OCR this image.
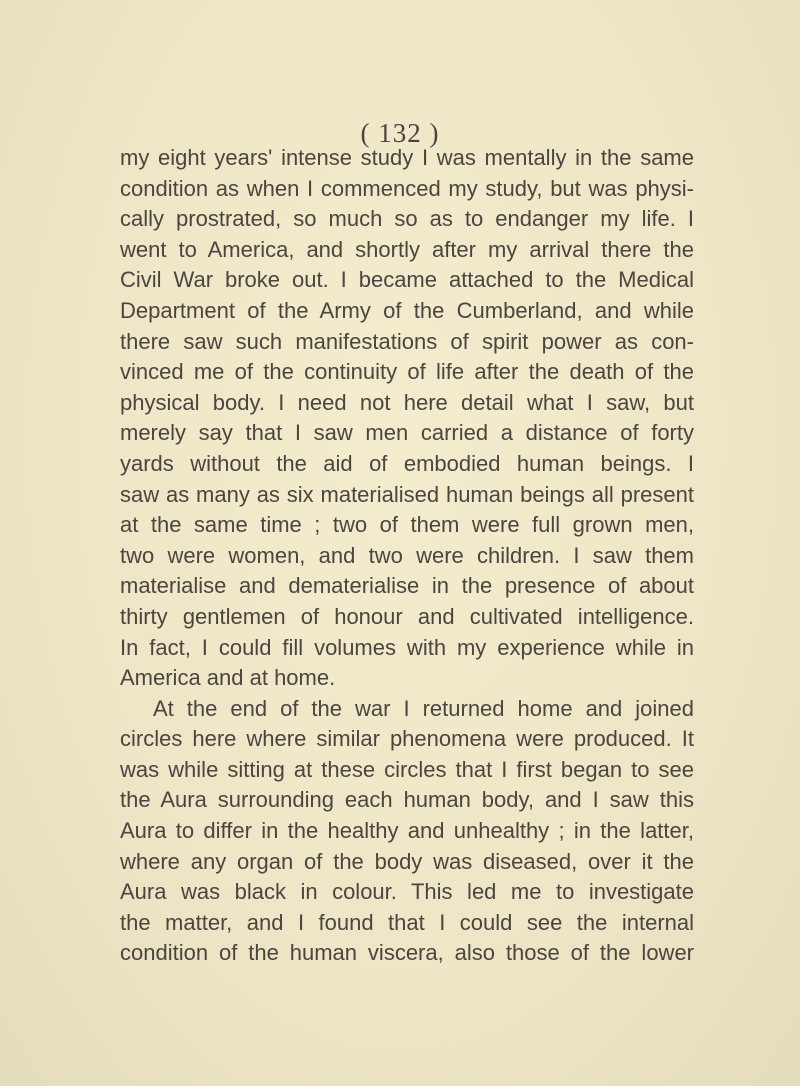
( 132 )
my eight years' intense study I was mentally in the same
condition as when I commenced my study, but was physi-
cally prostrated, so much so as to endanger my life. I
went to America, and shortly after my arrival there the
Civil War broke out. I became attached to the Medical
Department of the Army of the Cumberland, and while
there saw such manifestations of spirit power as con-
vinced me of the continuity of life after the death of the
physical body. I need not here detail what I saw, but
merely say that I saw men carried a distance of forty
yards without the aid of embodied human beings. I
saw as many as six materialised human beings all present
at the same time ; two of them were full grown men,
two were women, and two were children. I saw them
materialise and dematerialise in the presence of about
thirty gentlemen of honour and cultivated intelligence.
In fact, I could fill volumes with my experience while in
America and at home.
At the end of the war I returned home and joined
circles here where similar phenomena were produced. It
was while sitting at these circles that I first began to see
the Aura surrounding each human body, and I saw this
Aura to differ in the healthy and unhealthy ; in the latter,
where any organ of the body was diseased, over it the
Aura was black in colour. This led me to investigate
the matter, and I found that I could see the internal
condition of the human viscera, also those of the lower
